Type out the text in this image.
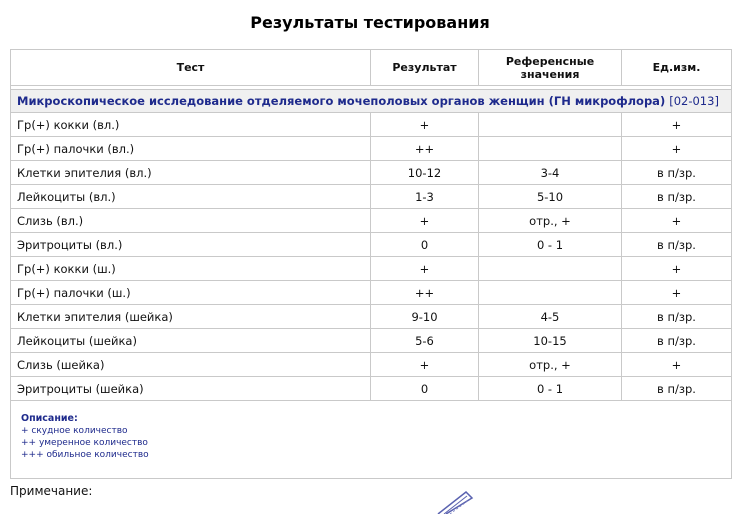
Результаты тестирования
Тест	Результат	Референсные значения	Ед.изм.

Микроскопическое исследование отделяемого мочеполовых органов женщин (ГН микрофлора) [02-013]			
Гр(+) кокки (вл.)	+		+
Гр(+) палочки (вл.)	++		+
Клетки эпителия (вл.)	10-12	3-4	в п/зр.
Лейкоциты (вл.)	1-3	5-10	в п/зр.
Слизь (вл.)	+	отр., +	+
Эритроциты (вл.)	0	0 - 1	в п/зр.
Гр(+) кокки (ш.)	+		+
Гр(+) палочки (ш.)	++		+
Клетки эпителия (шейка)	9-10	4-5	в п/зр.
Лейкоциты (шейка)	5-6	10-15	в п/зр.
Слизь (шейка)	+	отр., +	+
Эритроциты (шейка)	0	0 - 1	в п/зр.

Описание:
+ скудное количество
++ умеренное количество
+++ обильное количество			
Примечание:
